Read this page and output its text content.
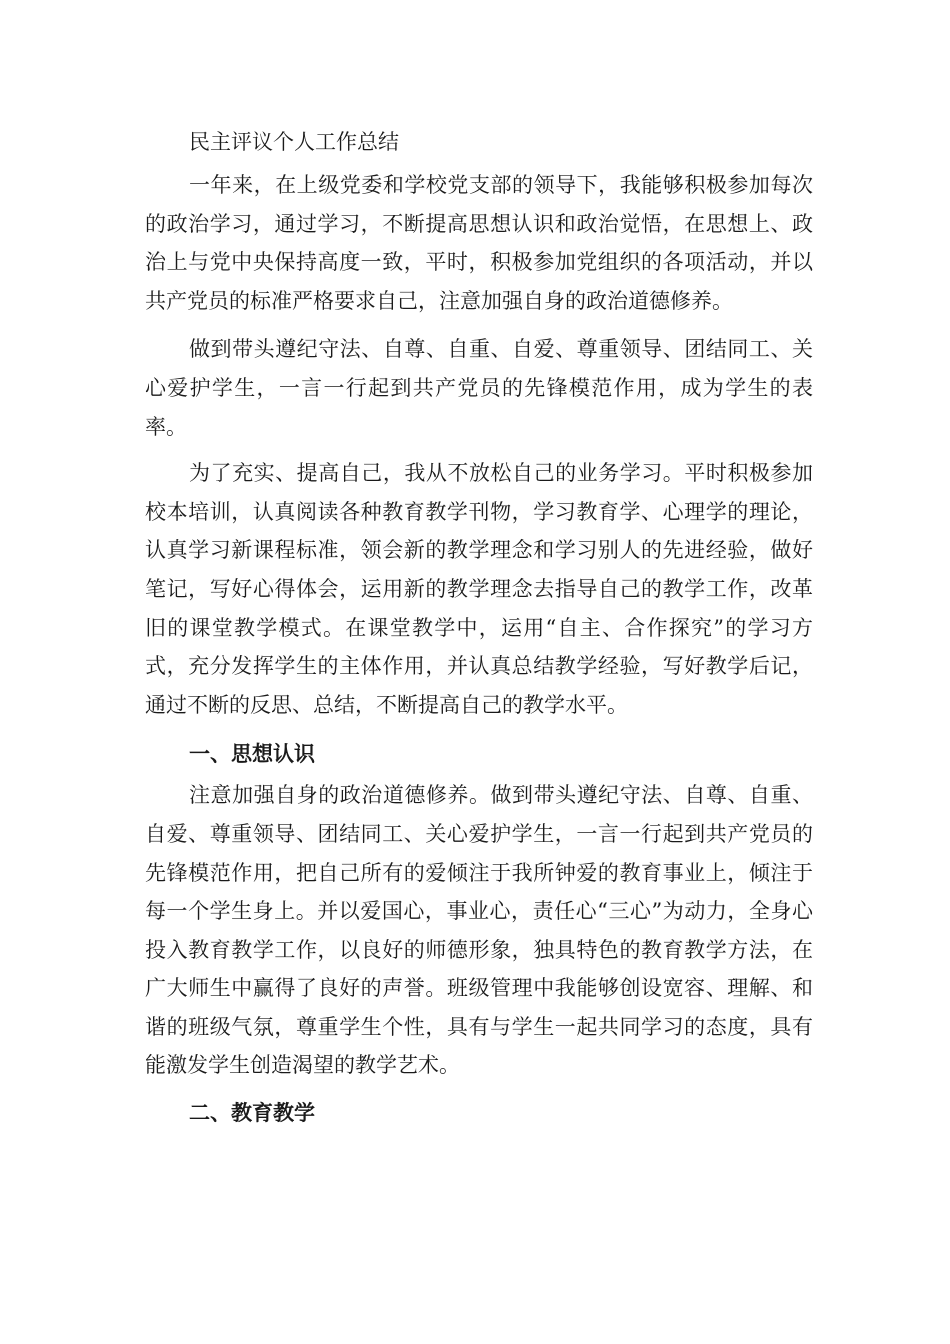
民主评议个人工作总结

一年来，在上级党委和学校党支部的领导下，我能够积极参加每次的政治学习，通过学习，不断提高思想认识和政治觉悟，在思想上、政治上与党中央保持高度一致，平时，积极参加党组织的各项活动，并以共产党员的标准严格要求自己，注意加强自身的政治道德修养。

做到带头遵纪守法、自尊、自重、自爱、尊重领导、团结同工、关心爱护学生，一言一行起到共产党员的先锋模范作用，成为学生的表率。

为了充实、提高自己，我从不放松自己的业务学习。平时积极参加校本培训，认真阅读各种教育教学刊物，学习教育学、心理学的理论，认真学习新课程标准，领会新的教学理念和学习别人的先进经验，做好笔记，写好心得体会，运用新的教学理念去指导自己的教学工作，改革旧的课堂教学模式。在课堂教学中，运用“自主、合作探究”的学习方式，充分发挥学生的主体作用，并认真总结教学经验，写好教学后记，通过不断的反思、总结，不断提高自己的教学水平。

一、思想认识

注意加强自身的政治道德修养。做到带头遵纪守法、自尊、自重、自爱、尊重领导、团结同工、关心爱护学生，一言一行起到共产党员的先锋模范作用，把自己所有的爱倾注于我所钟爱的教育事业上，倾注于每一个学生身上。并以爱国心，事业心，责任心“三心”为动力，全身心投入教育教学工作，以良好的师德形象，独具特色的教育教学方法，在广大师生中赢得了良好的声誉。班级管理中我能够创设宽容、理解、和谐的班级气氛，尊重学生个性，具有与学生一起共同学习的态度，具有能激发学生创造渴望的教学艺术。

二、教育教学
